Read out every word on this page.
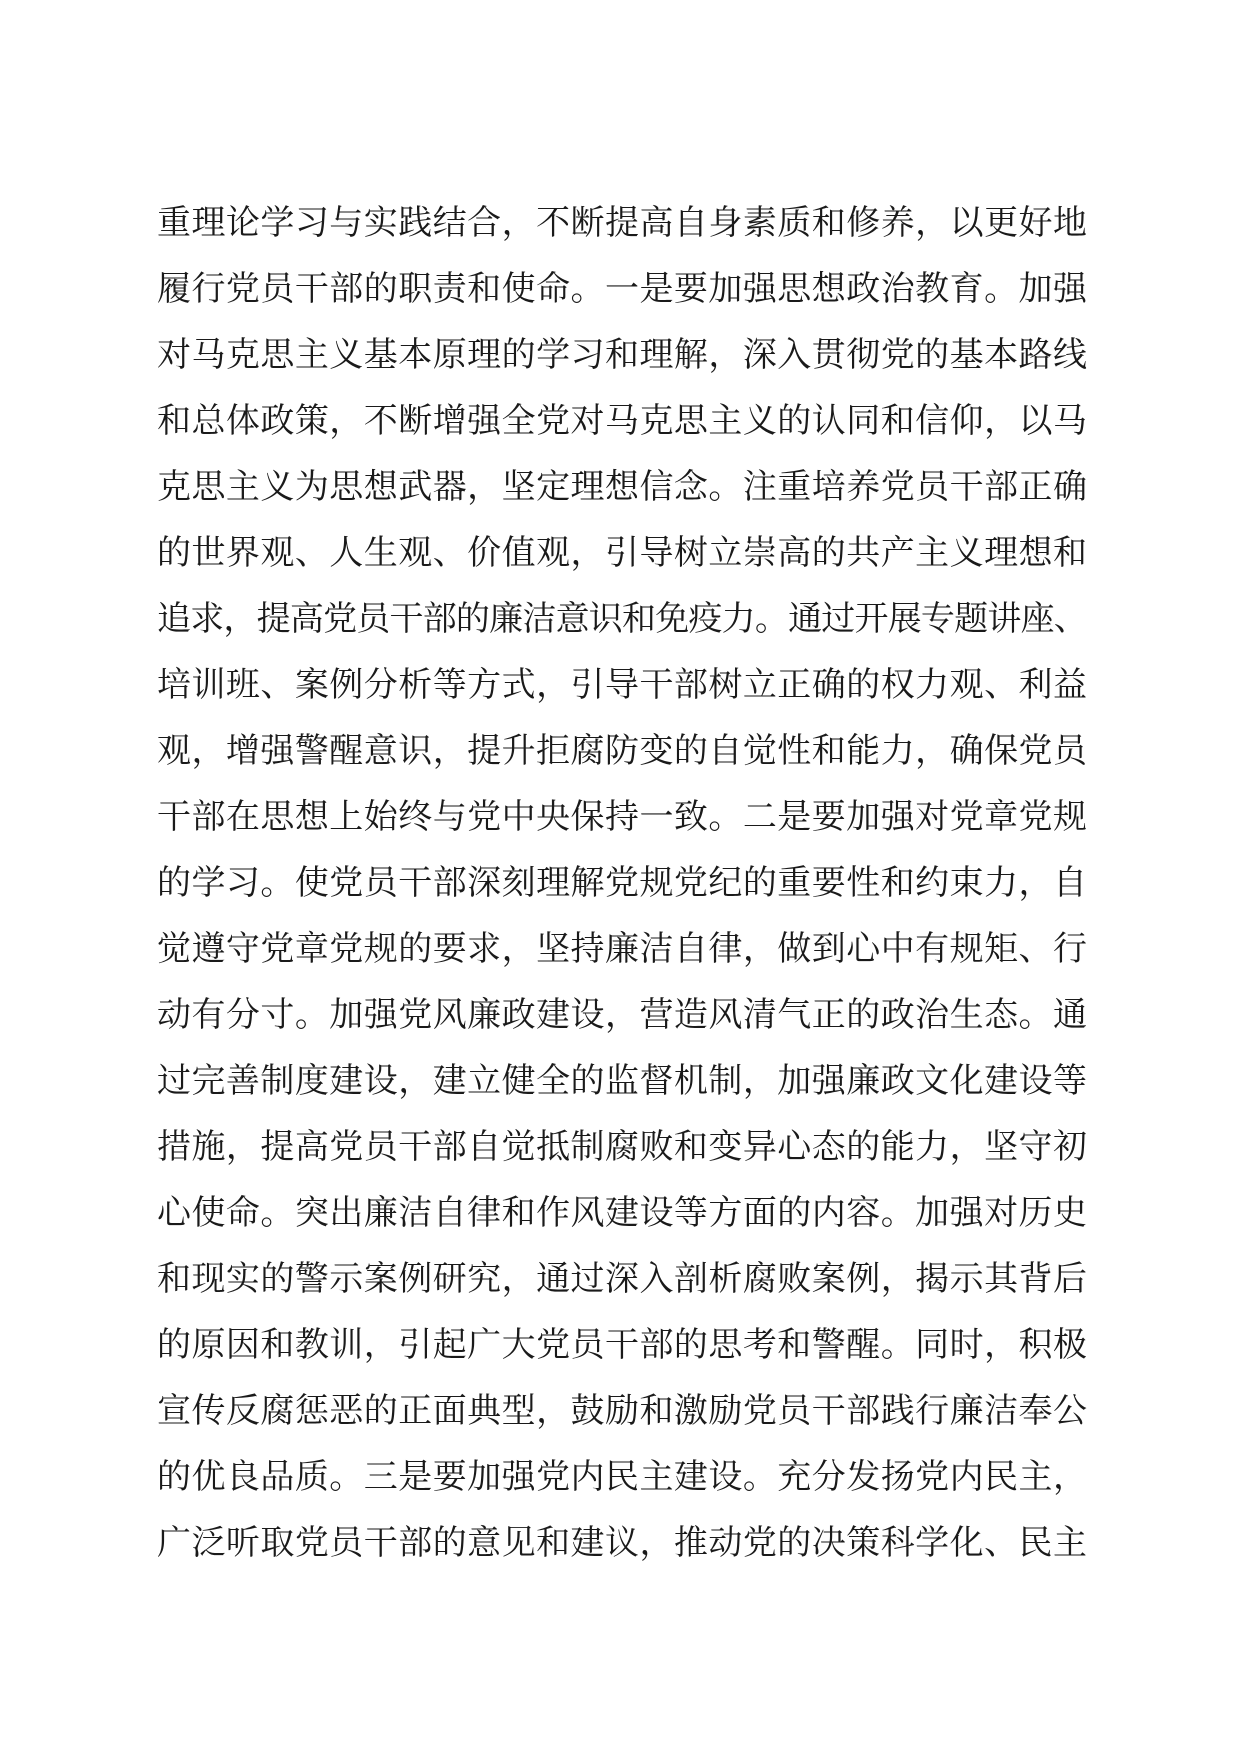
重理论学习与实践结合，不断提高自身素质和修养，以更好地
履行党员干部的职责和使命。一是要加强思想政治教育。加强
对马克思主义基本原理的学习和理解，深入贯彻党的基本路线
和总体政策，不断增强全党对马克思主义的认同和信仰，以马
克思主义为思想武器，坚定理想信念。注重培养党员干部正确
的世界观、人生观、价值观，引导树立崇高的共产主义理想和
追求，提高党员干部的廉洁意识和免疫力。通过开展专题讲座、
培训班、案例分析等方式，引导干部树立正确的权力观、利益
观，增强警醒意识，提升拒腐防变的自觉性和能力，确保党员
干部在思想上始终与党中央保持一致。二是要加强对党章党规
的学习。使党员干部深刻理解党规党纪的重要性和约束力，自
觉遵守党章党规的要求，坚持廉洁自律，做到心中有规矩、行
动有分寸。加强党风廉政建设，营造风清气正的政治生态。通
过完善制度建设，建立健全的监督机制，加强廉政文化建设等
措施，提高党员干部自觉抵制腐败和变异心态的能力，坚守初
心使命。突出廉洁自律和作风建设等方面的内容。加强对历史
和现实的警示案例研究，通过深入剖析腐败案例，揭示其背后
的原因和教训，引起广大党员干部的思考和警醒。同时，积极
宣传反腐惩恶的正面典型，鼓励和激励党员干部践行廉洁奉公
的优良品质。三是要加强党内民主建设。充分发扬党内民主，
广泛听取党员干部的意见和建议，推动党的决策科学化、民主
